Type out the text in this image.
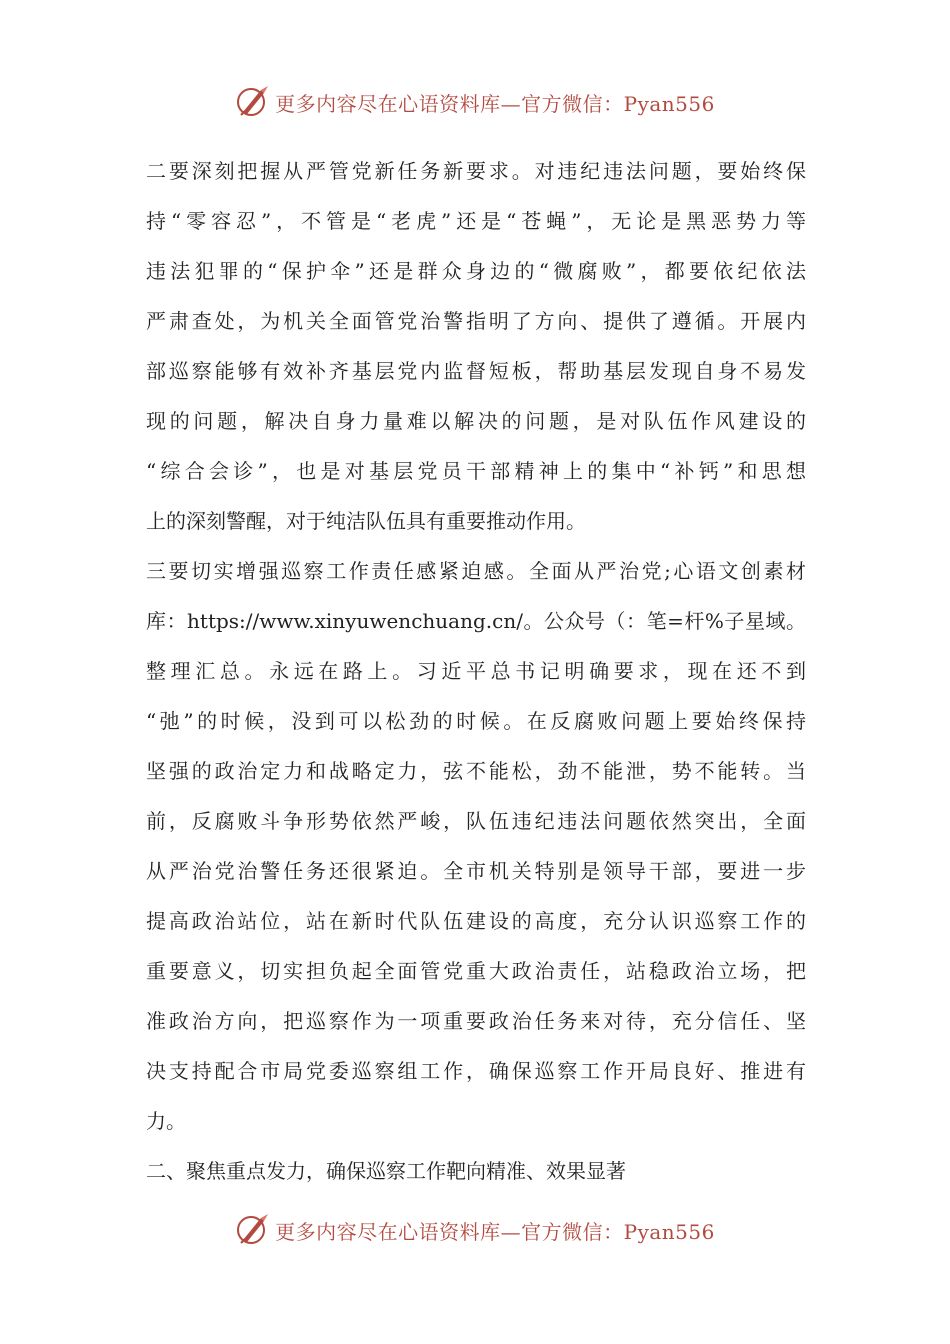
更多内容尽在心语资料库—官方微信：Pyan556
二要深刻把握从严管党新任务新要求。对违纪违法问题，要始终保
持“零容忍”，不管是“老虎”还是“苍蝇”，无论是黑恶势力等
违法犯罪的“保护伞”还是群众身边的“微腐败”，都要依纪依法
严肃查处，为机关全面管党治警指明了方向、提供了遵循。开展内
部巡察能够有效补齐基层党内监督短板，帮助基层发现自身不易发
现的问题，解决自身力量难以解决的问题，是对队伍作风建设的
“综合会诊”，也是对基层党员干部精神上的集中“补钙”和思想
上的深刻警醒，对于纯洁队伍具有重要推动作用。
三要切实增强巡察工作责任感紧迫感。全面从严治党;心语文创素材
库：https://www.xinyuwenchuang.cn/。公众号（：笔=杆%子星域。
整理汇总。永远在路上。习近平总书记明确要求，现在还不到
“弛”的时候，没到可以松劲的时候。在反腐败问题上要始终保持
坚强的政治定力和战略定力，弦不能松，劲不能泄，势不能转。当
前，反腐败斗争形势依然严峻，队伍违纪违法问题依然突出，全面
从严治党治警任务还很紧迫。全市机关特别是领导干部，要进一步
提高政治站位，站在新时代队伍建设的高度，充分认识巡察工作的
重要意义，切实担负起全面管党重大政治责任，站稳政治立场，把
准政治方向，把巡察作为一项重要政治任务来对待，充分信任、坚
决支持配合市局党委巡察组工作，确保巡察工作开局良好、推进有
力。
二、聚焦重点发力，确保巡察工作靶向精准、效果显著
更多内容尽在心语资料库—官方微信：Pyan556
